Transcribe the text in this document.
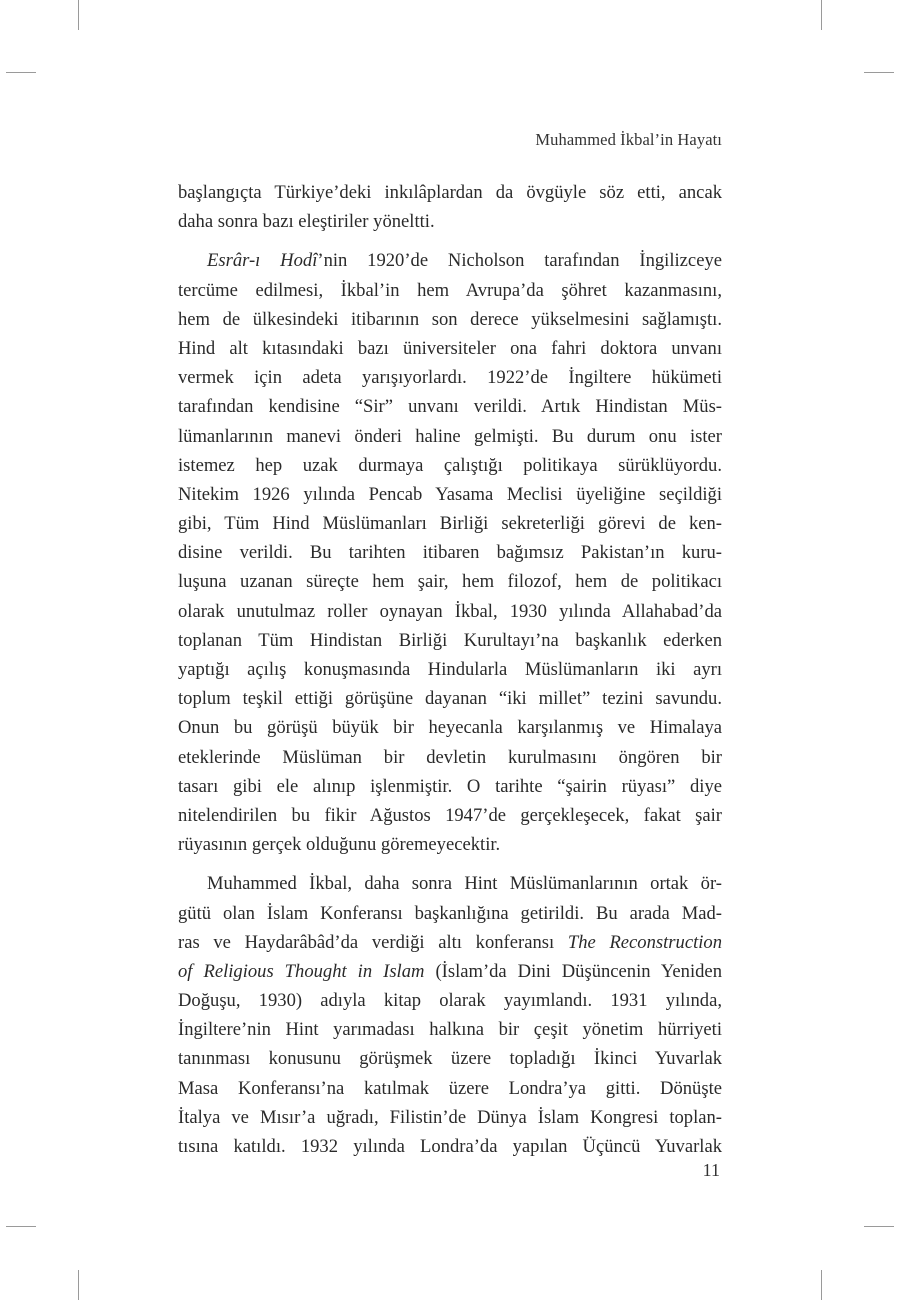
Muhammed İkbal’in Hayatı
başlangıçta Türkiye’deki inkılâplardan da övgüyle söz etti, ancak
daha sonra bazı eleştiriler yöneltti.
Esrâr-ı Hodî’nin 1920’de Nicholson tarafından İngilizceye
tercüme edilmesi, İkbal’in hem Avrupa’da şöhret kazanmasını,
hem de ülkesindeki itibarının son derece yükselmesini sağlamıştı.
Hind alt kıtasındaki bazı üniversiteler ona fahri doktora unvanı
vermek için adeta yarışıyorlardı. 1922’de İngiltere hükümeti
tarafından kendisine “Sir” unvanı verildi. Artık Hindistan Müs-
lümanlarının manevi önderi haline gelmişti. Bu durum onu ister
istemez hep uzak durmaya çalıştığı politikaya sürüklüyordu.
Nitekim 1926 yılında Pencab Yasama Meclisi üyeliğine seçildiği
gibi, Tüm Hind Müslümanları Birliği sekreterliği görevi de ken-
disine verildi. Bu tarihten itibaren bağımsız Pakistan’ın kuru-
luşuna uzanan süreçte hem şair, hem filozof, hem de politikacı
olarak unutulmaz roller oynayan İkbal, 1930 yılında Allahabad’da
toplanan Tüm Hindistan Birliği Kurultayı’na başkanlık ederken
yaptığı açılış konuşmasında Hindularla Müslümanların iki ayrı
toplum teşkil ettiği görüşüne dayanan “iki millet” tezini savundu.
Onun bu görüşü büyük bir heyecanla karşılanmış ve Himalaya
eteklerinde Müslüman bir devletin kurulmasını öngören bir
tasarı gibi ele alınıp işlenmiştir. O tarihte “şairin rüyası” diye
nitelendirilen bu fikir Ağustos 1947’de gerçekleşecek, fakat şair
rüyasının gerçek olduğunu göremeyecektir.
Muhammed İkbal, daha sonra Hint Müslümanlarının ortak ör-
gütü olan İslam Konferansı başkanlığına getirildi. Bu arada Mad-
ras ve Haydarâbâd’da verdiği altı konferansı The Reconstruction
of Religious Thought in Islam (İslam’da Dini Düşüncenin Yeniden
Doğuşu, 1930) adıyla kitap olarak yayımlandı. 1931 yılında,
İngiltere’nin Hint yarımadası halkına bir çeşit yönetim hürriyeti
tanınması konusunu görüşmek üzere topladığı İkinci Yuvarlak
Masa Konferansı’na katılmak üzere Londra’ya gitti. Dönüşte
İtalya ve Mısır’a uğradı, Filistin’de Dünya İslam Kongresi toplan-
tısına katıldı. 1932 yılında Londra’da yapılan Üçüncü Yuvarlak
11
